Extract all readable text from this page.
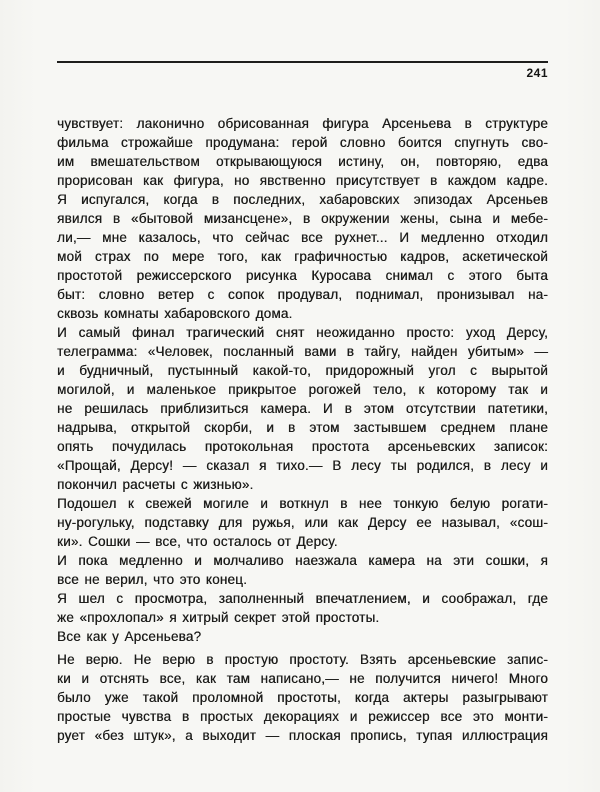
241
чувствует: лаконично обрисованная фигура Арсеньева в структуре
фильма строжайше продумана: герой словно боится спугнуть сво-
им вмешательством открывающуюся истину, он, повторяю, едва
прорисован как фигура, но явственно присутствует в каждом кадре.
Я испугался, когда в последних, хабаровских эпизодах Арсеньев
явился в «бытовой мизансцене», в окружении жены, сына и мебе-
ли,— мне казалось, что сейчас все рухнет... И медленно отходил
мой страх по мере того, как графичностью кадров, аскетической
простотой режиссерского рисунка Куросава снимал с этого быта
быт: словно ветер с сопок продувал, поднимал, пронизывал на-
сквозь комнаты хабаровского дома.
И самый финал трагический снят неожиданно просто: уход Дерсу,
телеграмма: «Человек, посланный вами в тайгу, найден убитым» —
и будничный, пустынный какой-то, придорожный угол с вырытой
могилой, и маленькое прикрытое рогожей тело, к которому так и
не решилась приблизиться камера. И в этом отсутствии патетики,
надрыва, открытой скорби, и в этом застывшем среднем плане
опять почудилась протокольная простота арсеньевских записок:
«Прощай, Дерсу! — сказал я тихо.— В лесу ты родился, в лесу и
покончил расчеты с жизнью».
Подошел к свежей могиле и воткнул в нее тонкую белую рогати-
ну-рогульку, подставку для ружья, или как Дерсу ее называл, «сош-
ки». Сошки — все, что осталось от Дерсу.
И пока медленно и молчаливо наезжала камера на эти сошки, я
все не верил, что это конец.
Я шел с просмотра, заполненный впечатлением, и соображал, где
же «прохлопал» я хитрый секрет этой простоты.
Все как у Арсеньева?
Не верю. Не верю в простую простоту. Взять арсеньевские запис-
ки и отснять все, как там написано,— не получится ничего! Много
было уже такой проломной простоты, когда актеры разыгрывают
простые чувства в простых декорациях и режиссер все это монти-
рует «без штук», а выходит — плоская пропись, тупая иллюстрация
